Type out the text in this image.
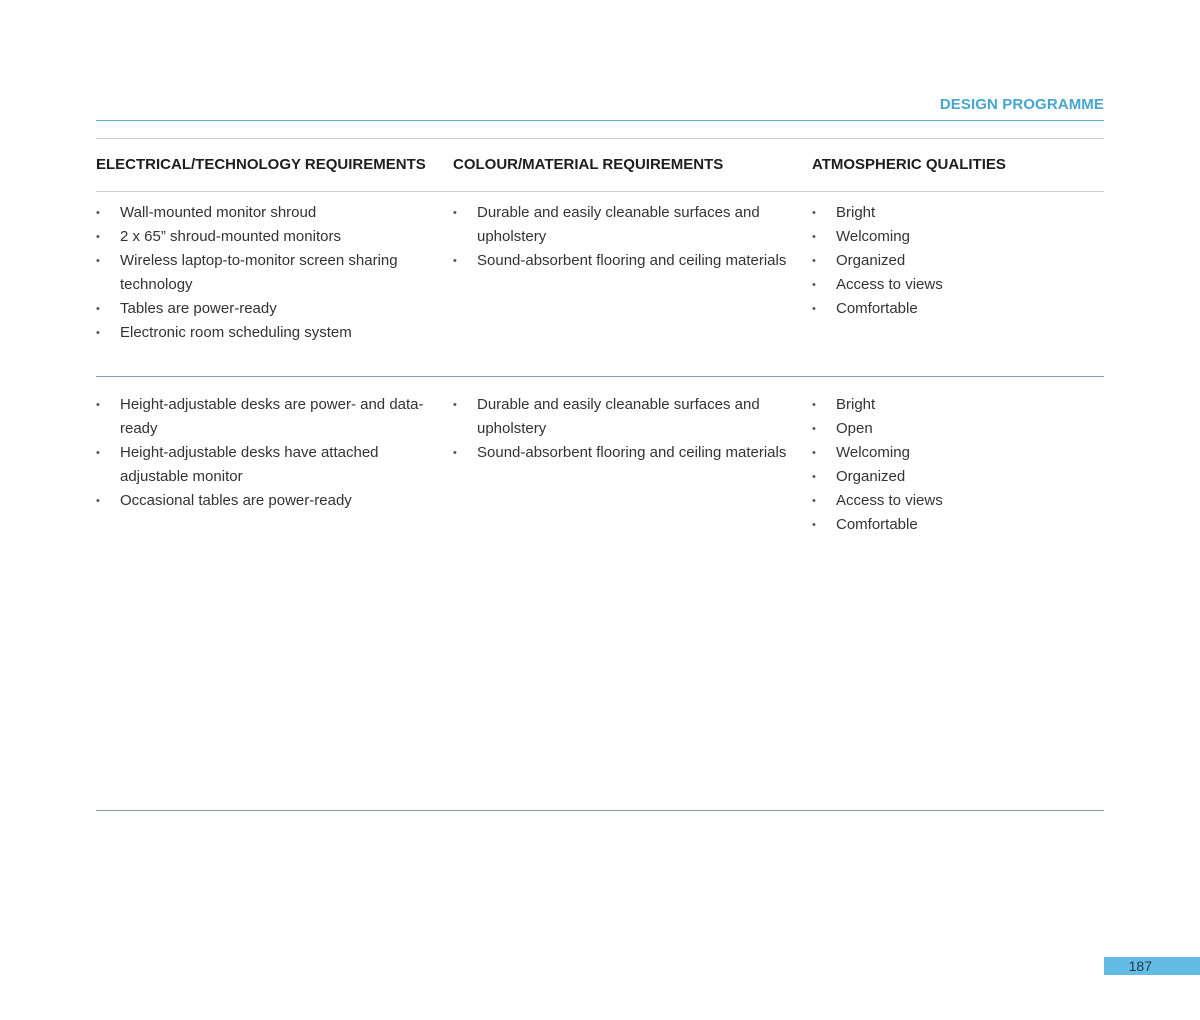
DESIGN PROGRAMME
ELECTRICAL/TECHNOLOGY REQUIREMENTS COLOUR/MATERIAL REQUIREMENTS	ATMOSPHERIC QUALITIES
• Wall-mounted monitor shroud
• 2 x 65” shroud-mounted monitors
• Wireless laptop-to-monitor screen sharing technology
• Tables are power-ready
• Electronic room scheduling system
• Durable and easily cleanable surfaces and upholstery
• Sound-absorbent flooring and ceiling materials
• Bright
• Welcoming
• Organized
• Access to views
• Comfortable
• Height-adjustable desks are power- and data-ready
• Height-adjustable desks have attached adjustable monitor
• Occasional tables are power-ready
• Durable and easily cleanable surfaces and upholstery
• Sound-absorbent flooring and ceiling materials
• Bright
• Open
• Welcoming
• Organized
• Access to views
• Comfortable
187
